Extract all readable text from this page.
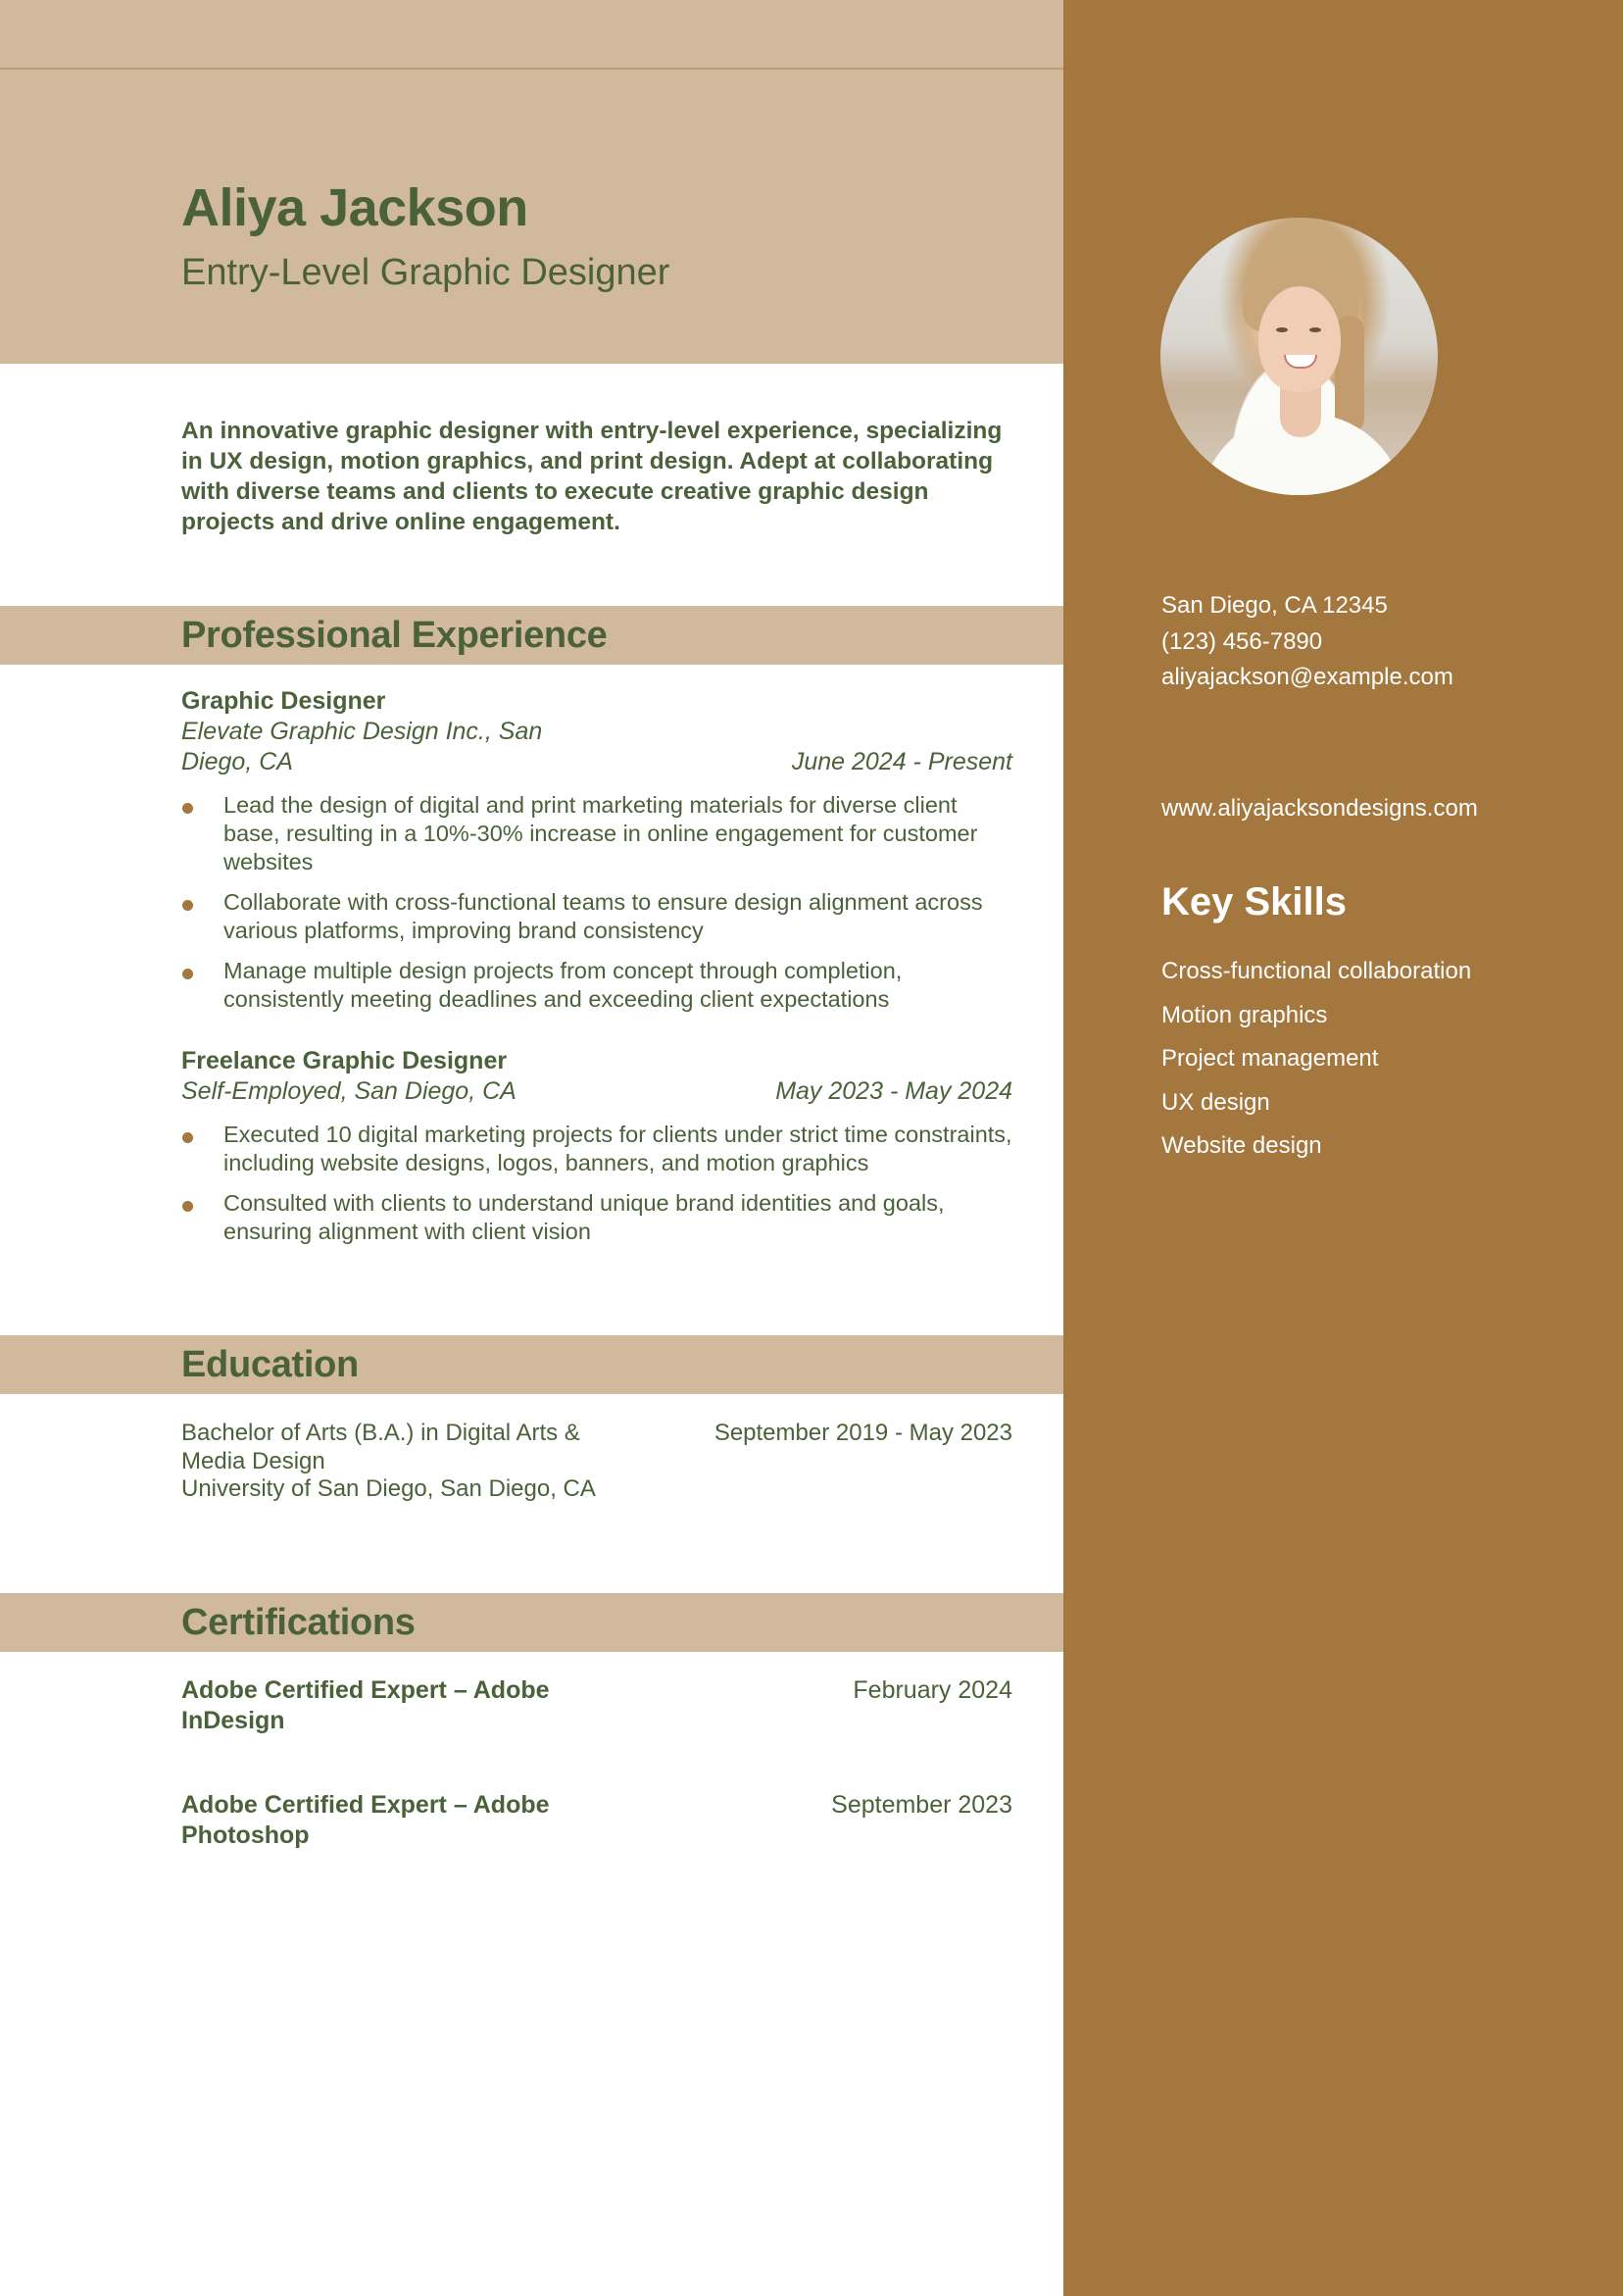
Aliya Jackson
Entry-Level Graphic Designer

An innovative graphic designer with entry-level experience, specializing in UX design, motion graphics, and print design. Adept at collaborating with diverse teams and clients to execute creative graphic design projects and drive online engagement.

San Diego, CA 12345
(123) 456-7890
aliyajackson@example.com
www.aliyajacksondesigns.com
Key Skills
Cross-functional collaboration
Motion graphics
Project management
UX design
Website design
Professional Experience
Graphic Designer
Elevate Graphic Design Inc., San Diego, CA	June 2024 - Present
Lead the design of digital and print marketing materials for diverse client base, resulting in a 10%-30% increase in online engagement for customer websites
Collaborate with cross-functional teams to ensure design alignment across various platforms, improving brand consistency
Manage multiple design projects from concept through completion, consistently meeting deadlines and exceeding client expectations
Freelance Graphic Designer
Self-Employed, San Diego, CA	May 2023 - May 2024
Executed 10 digital marketing projects for clients under strict time constraints, including website designs, logos, banners, and motion graphics
Consulted with clients to understand unique brand identities and goals, ensuring alignment with client vision
Education
Bachelor of Arts (B.A.) in Digital Arts & Media Design
University of San Diego, San Diego, CA
September 2019 - May 2023
Certifications
Adobe Certified Expert – Adobe InDesign
February 2024
Adobe Certified Expert – Adobe Photoshop
September 2023
